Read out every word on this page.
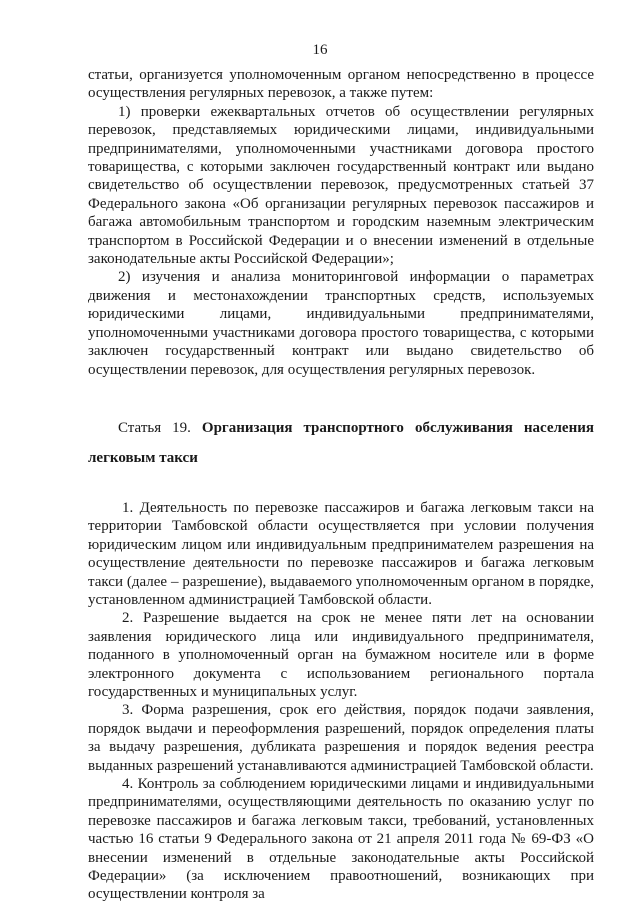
16

статьи, организуется уполномоченным органом непосредственно в процессе осуществления регулярных перевозок, а также путем:

1) проверки ежеквартальных отчетов об осуществлении регулярных перевозок, представляемых юридическими лицами, индивидуальными предпринимателями, уполномоченными участниками договора простого товарищества, с которыми заключен государственный контракт или выдано свидетельство об осуществлении перевозок, предусмотренных статьей 37 Федерального закона «Об организации регулярных перевозок пассажиров и багажа автомобильным транспортом и городским наземным электрическим транспортом в Российской Федерации и о внесении изменений в отдельные законодательные акты Российской Федерации»;

2) изучения и анализа мониторинговой информации о параметрах движения и местонахождении транспортных средств, используемых юридическими лицами, индивидуальными предпринимателями, уполномоченными участниками договора простого товарищества, с которыми заключен государственный контракт или выдано свидетельство об осуществлении перевозок, для осуществления регулярных перевозок.

Статья 19. Организация транспортного обслуживания населения легковым такси

1. Деятельность по перевозке пассажиров и багажа легковым такси на территории Тамбовской области осуществляется при условии получения юридическим лицом или индивидуальным предпринимателем разрешения на осуществление деятельности по перевозке пассажиров и багажа легковым такси (далее – разрешение), выдаваемого уполномоченным органом в порядке, установленном администрацией Тамбовской области.

2. Разрешение выдается на срок не менее пяти лет на основании заявления юридического лица или индивидуального предпринимателя, поданного в уполномоченный орган на бумажном носителе или в форме электронного документа с использованием регионального портала государственных и муниципальных услуг.

3. Форма разрешения, срок его действия, порядок подачи заявления, порядок выдачи и переоформления разрешений, порядок определения платы за выдачу разрешения, дубликата разрешения и порядок ведения реестра выданных разрешений устанавливаются администрацией Тамбовской области.

4. Контроль за соблюдением юридическими лицами и индивидуальными предпринимателями, осуществляющими деятельность по оказанию услуг по перевозке пассажиров и багажа легковым такси, требований, установленных частью 16 статьи 9 Федерального закона от 21 апреля 2011 года № 69-ФЗ «О внесении изменений в отдельные законодательные акты Российской Федерации» (за исключением правоотношений, возникающих при осуществлении контроля за
